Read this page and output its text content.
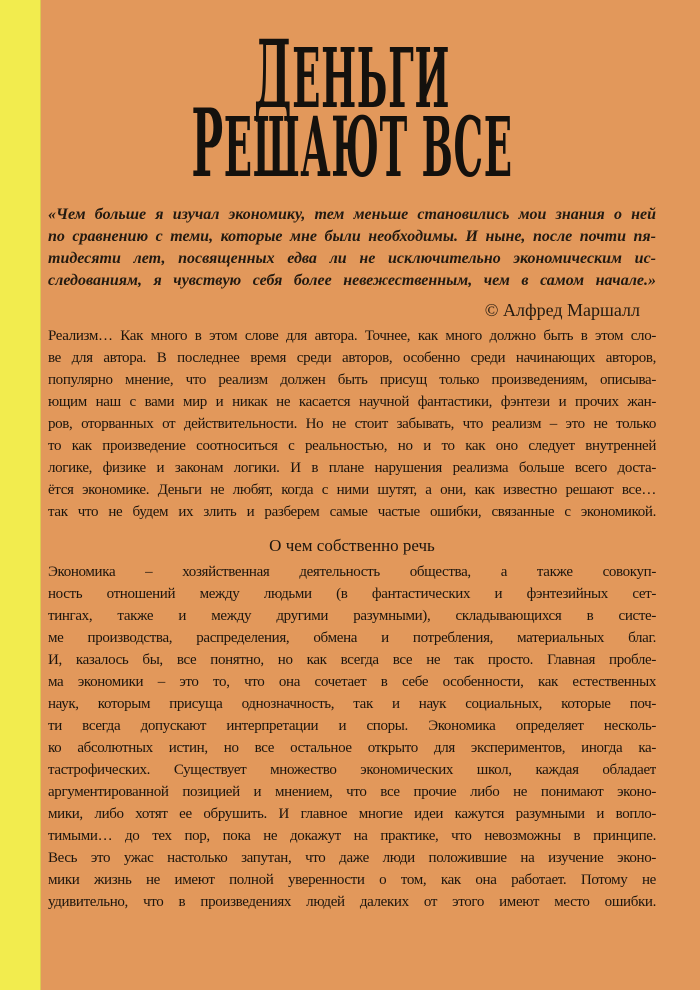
ДЕНЬГИ
РЕШАЮТ ВСЕ
«Чем больше я изучал экономику, тем меньше становились мои знания о ней
по сравнению с теми, которые мне были необходимы. И ныне, после почти пя-
тидесяти лет, посвященных едва ли не исключительно экономическим ис-
следованиям, я чувствую себя более невежественным, чем в самом начале.»
© Алфред Маршалл
Реализм… Как много в этом слове для автора. Точнее, как много должно быть в этом сло-
ве для автора. В последнее время среди авторов, особенно среди начинающих авторов,
популярно мнение, что реализм должен быть присущ только произведениям, описыва-
ющим наш с вами мир и никак не касается научной фантастики, фэнтези и прочих жан-
ров, оторванных от действительности. Но не стоит забывать, что реализм – это не только
то как произведение соотноситься с реальностью, но и то как оно следует внутренней
логике, физике и законам логики. И в плане нарушения реализма больше всего доста-
ётся экономике. Деньги не любят, когда с ними шутят, а они, как известно решают все…
так что не будем их злить и разберем самые частые ошибки, связанные с экономикой.
О чем собственно речь
Экономика – хозяйственная деятельность общества, а также совокуп-
ность отношений между людьми (в фантастических и фэнтезийных сет-
тингах, также и между другими разумными), складывающихся в систе-
ме производства, распределения, обмена и потребления, материальных благ.
И, казалось бы, все понятно, но как всегда все не так просто. Главная пробле-
ма экономики – это то, что она сочетает в себе особенности, как естественных
наук, которым присуща однозначность, так и наук социальных, которые поч-
ти всегда допускают интерпретации и споры. Экономика определяет несколь-
ко абсолютных истин, но все остальное открыто для экспериментов, иногда ка-
тастрофических. Существует множество экономических школ, каждая обладает
аргументированной позицией и мнением, что все прочие либо не понимают эконо-
мики, либо хотят ее обрушить. И главное многие идеи кажутся разумными и вопло-
тимыми… до тех пор, пока не докажут на практике, что невозможны в принципе.
Весь это ужас настолько запутан, что даже люди положившие на изучение эконо-
мики жизнь не имеют полной уверенности о том, как она работает. Потому не
удивительно, что в произведениях людей далеких от этого имеют место ошибки.
